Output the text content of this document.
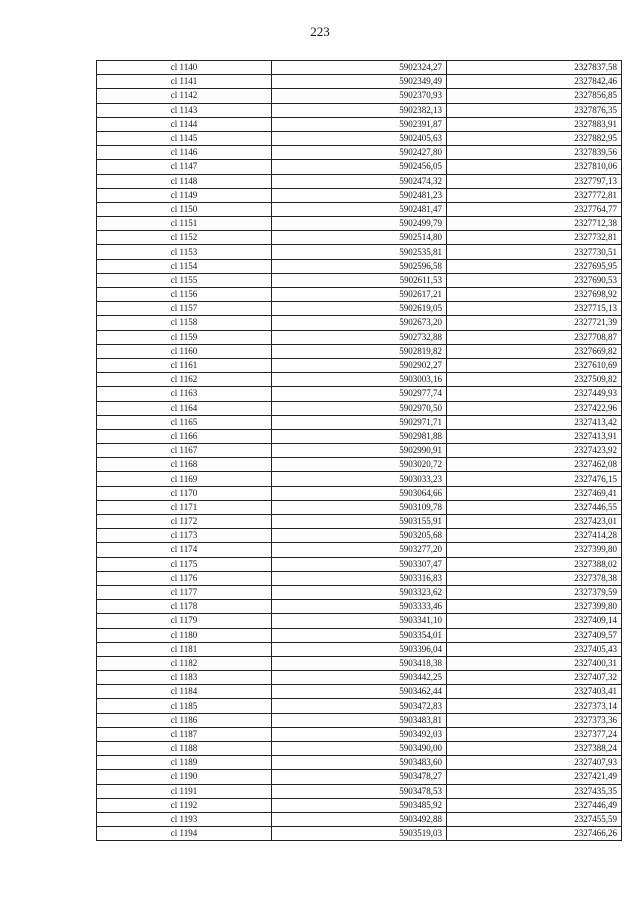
223
cl 1140	5902324,27	2327837,58
cl 1141	5902349,49	2327842,46
cl 1142	5902370,93	2327856,85
cl 1143	5902382,13	2327876,35
cl 1144	5902391,87	2327883,91
cl 1145	5902405,63	2327882,95
cl 1146	5902427,80	2327839,56
cl 1147	5902456,05	2327810,06
cl 1148	5902474,32	2327797,13
cl 1149	5902481,23	2327772,81
cl 1150	5902481,47	2327764,77
cl 1151	5902499,79	2327712,38
cl 1152	5902514,80	2327732,81
cl 1153	5902535,81	2327730,51
cl 1154	5902596,58	2327695,95
cl 1155	5902611,53	2327690,53
cl 1156	5902617,21	2327698,92
cl 1157	5902619,05	2327715,13
cl 1158	5902673,20	2327721,39
cl 1159	5902732,88	2327708,87
cl 1160	5902819,82	2327669,82
cl 1161	5902902,27	2327610,69
cl 1162	5903003,16	2327509,82
cl 1163	5902977,74	2327449,93
cl 1164	5902970,50	2327422,96
cl 1165	5902971,71	2327413,42
cl 1166	5902981,88	2327413,91
cl 1167	5902990,91	2327423,92
cl 1168	5903020,72	2327462,08
cl 1169	5903033,23	2327476,15
cl 1170	5903064,66	2327469,41
cl 1171	5903109,78	2327446,55
cl 1172	5903155,91	2327423,01
cl 1173	5903205,68	2327414,28
cl 1174	5903277,20	2327399,80
cl 1175	5903307,47	2327388,02
cl 1176	5903316,83	2327378,38
cl 1177	5903323,62	2327379,59
cl 1178	5903333,46	2327399,80
cl 1179	5903341,10	2327409,14
cl 1180	5903354,01	2327409,57
cl 1181	5903396,04	2327405,43
cl 1182	5903418,38	2327400,31
cl 1183	5903442,25	2327407,32
cl 1184	5903462,44	2327403,41
cl 1185	5903472,83	2327373,14
cl 1186	5903483,81	2327373,36
cl 1187	5903492,03	2327377,24
cl 1188	5903490,00	2327388,24
cl 1189	5903483,60	2327407,93
cl 1190	5903478,27	2327421,49
cl 1191	5903478,53	2327435,35
cl 1192	5903485,92	2327446,49
cl 1193	5903492,88	2327455,59
cl 1194	5903519,03	2327466,26
